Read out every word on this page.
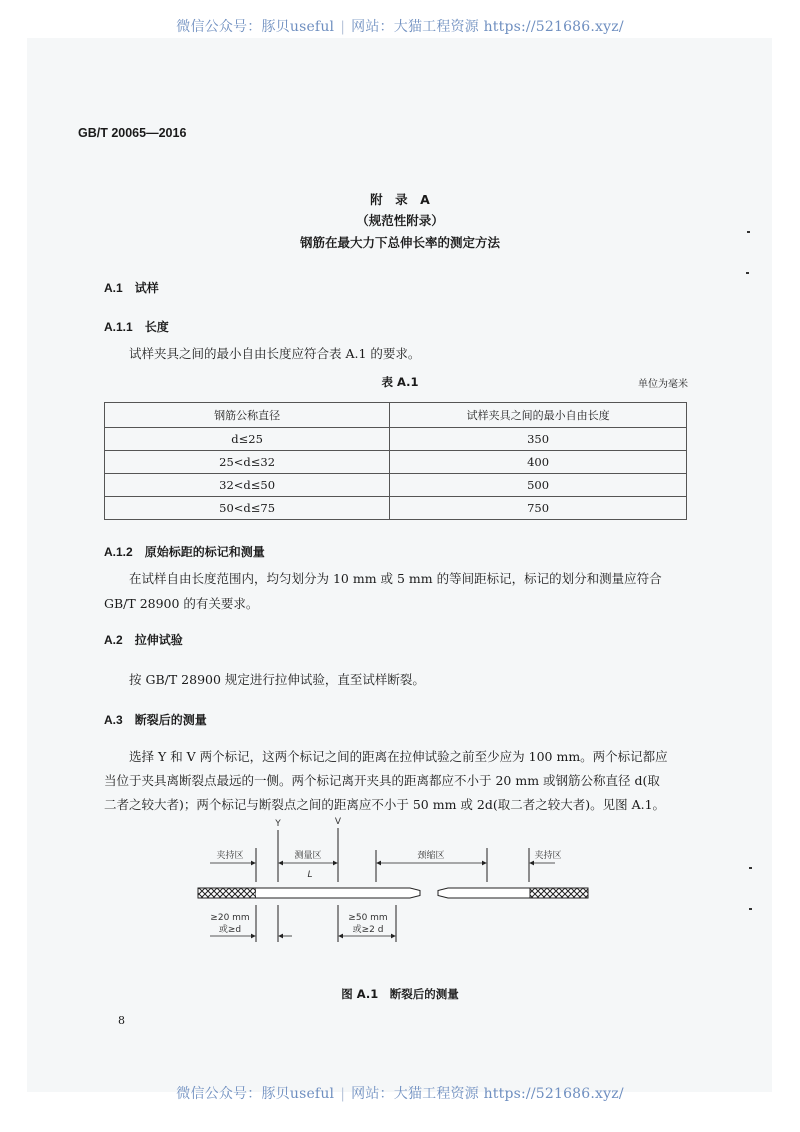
微信公众号：豚贝useful | 网站：大猫工程资源 https://521686.xyz/
GB/T 20065—2016
附　录　A
（规范性附录）
钢筋在最大力下总伸长率的测定方法
A.1 试样
A.1.1 长度
试样夹具之间的最小自由长度应符合表 A.1 的要求。
表 A.1	单位为毫米
钢筋公称直径	试样夹具之间的最小自由长度
d≤25	350
25<d≤32	400
32<d≤50	500
50<d≤75	750
A.1.2 原始标距的标记和测量
在试样自由长度范围内，均匀划分为 10 mm 或 5 mm 的等间距标记，标记的划分和测量应符合
GB/T 28900 的有关要求。
A.2 拉伸试验
按 GB/T 28900 规定进行拉伸试验，直至试样断裂。
A.3 断裂后的测量
选择 Y 和 V 两个标记，这两个标记之间的距离在拉伸试验之前至少应为 100 mm。两个标记都应
当位于夹具离断裂点最远的一侧。两个标记离开夹具的距离都应不小于 20 mm 或钢筋公称直径 d(取
二者之较大者)；两个标记与断裂点之间的距离应不小于 50 mm 或 2d(取二者之较大者)。见图 A.1。
Y	V
夹持区	测量区
L
颈缩区	夹持区
≥20 mm
或≥d
≥50 mm
或≥2 d
图 A.1　断裂后的测量
8
微信公众号：豚贝useful | 网站：大猫工程资源 https://521686.xyz/
